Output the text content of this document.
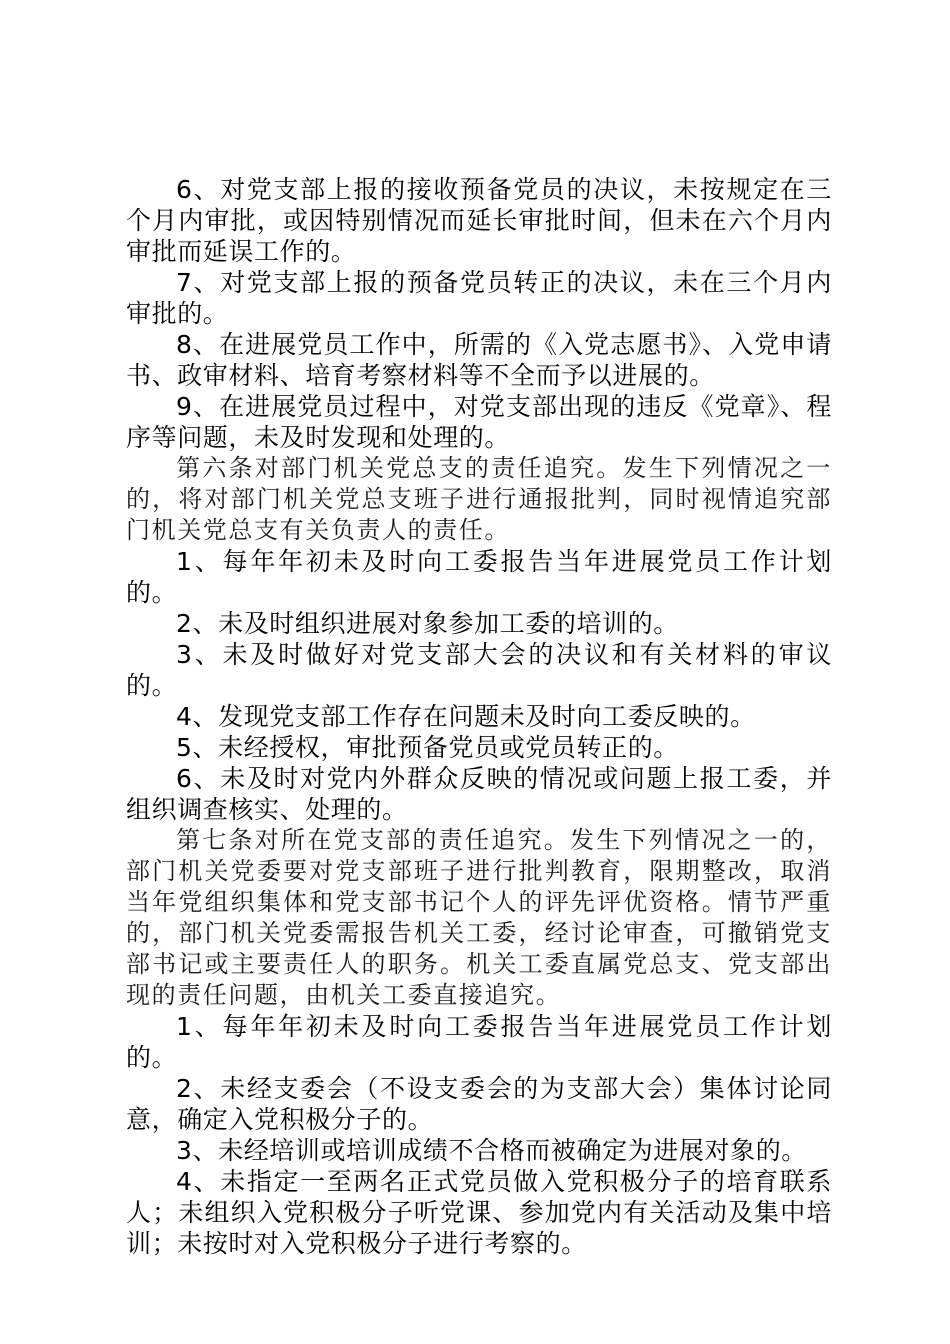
6、对党支部上报的接收预备党员的决议，未按规定在三个月内审批，或因特别情况而延长审批时间，但未在六个月内审批而延误工作的。

7、对党支部上报的预备党员转正的决议，未在三个月内审批的。

8、在进展党员工作中，所需的《入党志愿书》、入党申请书、政审材料、培育考察材料等不全而予以进展的。

9、在进展党员过程中，对党支部出现的违反《党章》、程序等问题，未及时发现和处理的。

第六条对部门机关党总支的责任追究。发生下列情况之一的，将对部门机关党总支班子进行通报批判，同时视情追究部门机关党总支有关负责人的责任。

1、每年年初未及时向工委报告当年进展党员工作计划的。

2、未及时组织进展对象参加工委的培训的。

3、未及时做好对党支部大会的决议和有关材料的审议的。

4、发现党支部工作存在问题未及时向工委反映的。

5、未经授权，审批预备党员或党员转正的。

6、未及时对党内外群众反映的情况或问题上报工委，并组织调查核实、处理的。

第七条对所在党支部的责任追究。发生下列情况之一的，部门机关党委要对党支部班子进行批判教育，限期整改，取消当年党组织集体和党支部书记个人的评先评优资格。情节严重的，部门机关党委需报告机关工委，经讨论审查，可撤销党支部书记或主要责任人的职务。机关工委直属党总支、党支部出现的责任问题，由机关工委直接追究。

1、每年年初未及时向工委报告当年进展党员工作计划的。

2、未经支委会（不设支委会的为支部大会）集体讨论同意，确定入党积极分子的。

3、未经培训或培训成绩不合格而被确定为进展对象的。

4、未指定一至两名正式党员做入党积极分子的培育联系人；未组织入党积极分子听党课、参加党内有关活动及集中培训；未按时对入党积极分子进行考察的。
